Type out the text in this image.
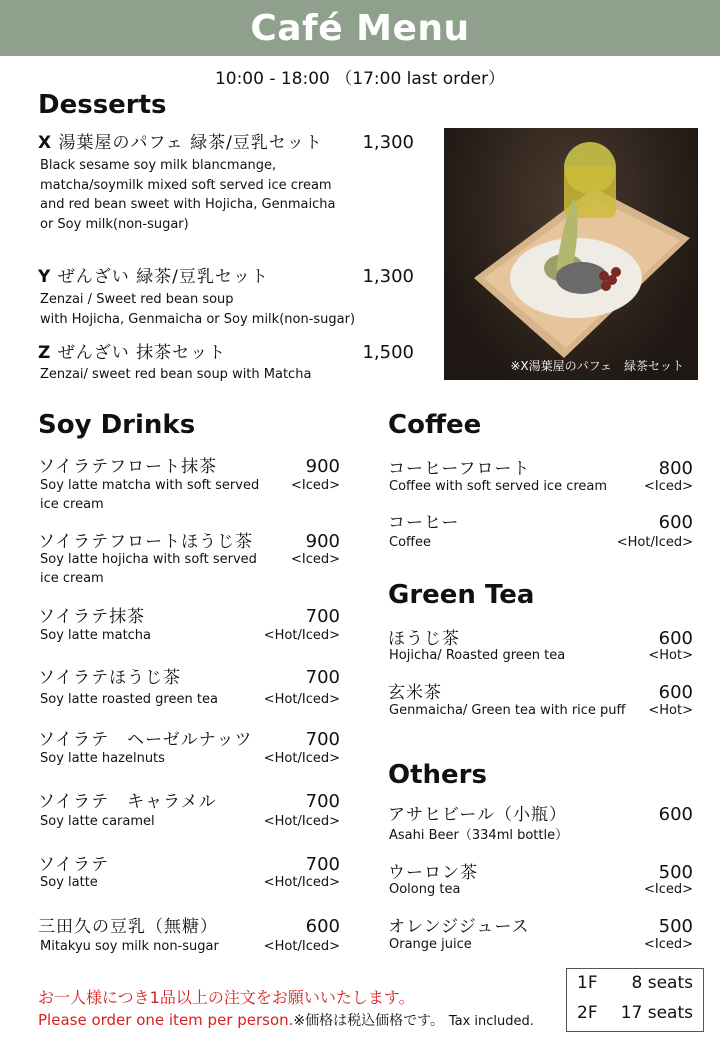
Café Menu
10:00 - 18:00 （17:00 last order）
Desserts
X 湯葉屋のパフェ 緑茶/豆乳セット 1,300
Black sesame soy milk blancmange,
matcha/soymilk mixed soft served ice cream
and red bean sweet with Hojicha, Genmaicha
or Soy milk(non-sugar)
Y ぜんざい 緑茶/豆乳セット	1,300
Zenzai / Sweet red bean soup
with Hojicha, Genmaicha or Soy milk(non-sugar)
Z ぜんざい 抹茶セット	1,500
Zenzai/ sweet red bean soup with Matcha
※X湯葉屋のパフェ　緑茶セット
Soy Drinks
ソイラテフロート抹茶	900
Soy latte matcha with soft served <Iced>
ice cream
ソイラテフロートほうじ茶	900
Soy latte hojicha with soft served	<Iced>
ice cream
ソイラテ抹茶	700
Soy latte matcha	<Hot/Iced>
ソイラテほうじ茶	700
Soy latte roasted green tea	<Hot/Iced>
ソイラテ　ヘーゼルナッツ	700
Soy latte hazelnuts	<Hot/Iced>
ソイラテ　キャラメル	700
Soy latte caramel	<Hot/Iced>
ソイラテ	700
Soy latte	<Hot/Iced>
三田久の豆乳（無糖）	600
Mitakyu soy milk non-sugar	<Hot/Iced>
Coffee
コーヒーフロート	800
Coffee with soft served ice cream	<Iced>
コーヒー	600
Coffee	<Hot/Iced>
Green Tea
ほうじ茶	600
Hojicha/ Roasted green tea	<Hot>
玄米茶	600
Genmaicha/ Green tea with rice puff <Hot>
Others
アサヒビール（小瓶）	600
Asahi Beer（334ml bottle）
ウーロン茶	500
Oolong tea	<Iced>
オレンジジュース	500
Orange juice	<Iced>

お一人様につき1品以上の注文をお願いいたします。

Please order one item per person.※価格は税込価格です。 Tax included.

1F 8 seats
2F 17 seats
